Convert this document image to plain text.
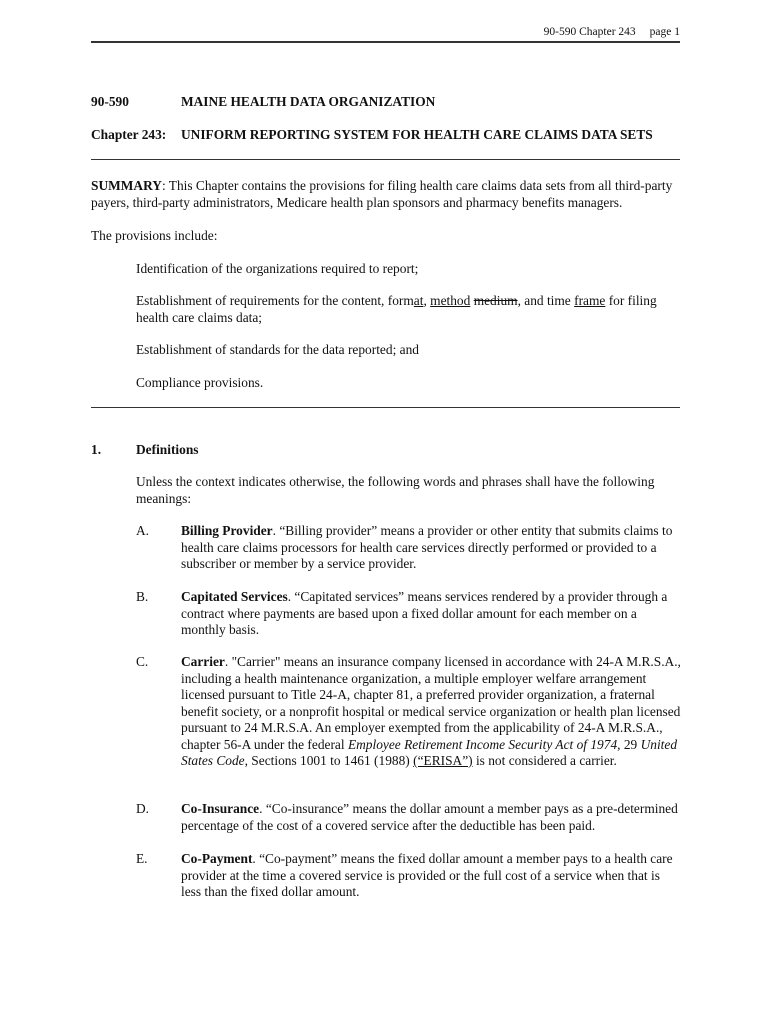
90-590 Chapter 243 page 1
90-590	MAINE HEALTH DATA ORGANIZATION
Chapter 243: UNIFORM REPORTING SYSTEM FOR HEALTH CARE CLAIMS DATA SETS
SUMMARY: This Chapter contains the provisions for filing health care claims data sets from all third-party payers, third-party administrators, Medicare health plan sponsors and pharmacy benefits managers.
The provisions include:
Identification of the organizations required to report;
Establishment of requirements for the content, format, method medium, and time frame for filing health care claims data;
Establishment of standards for the data reported; and
Compliance provisions.
1.	Definitions
Unless the context indicates otherwise, the following words and phrases shall have the following meanings:
A. Billing Provider. “Billing provider” means a provider or other entity that submits claims to health care claims processors for health care services directly performed or provided to a subscriber or member by a service provider.
B. Capitated Services. “Capitated services” means services rendered by a provider through a contract where payments are based upon a fixed dollar amount for each member on a monthly basis.
C. Carrier. "Carrier" means an insurance company licensed in accordance with 24-A M.R.S.A., including a health maintenance organization, a multiple employer welfare arrangement licensed pursuant to Title 24-A, chapter 81, a preferred provider organization, a fraternal benefit society, or a nonprofit hospital or medical service organization or health plan licensed pursuant to 24 M.R.S.A. An employer exempted from the applicability of 24-A M.R.S.A., chapter 56-A under the federal Employee Retirement Income Security Act of 1974, 29 United States Code, Sections 1001 to 1461 (1988) (“ERISA”) is not considered a carrier.
D. Co-Insurance. “Co-insurance” means the dollar amount a member pays as a pre-determined percentage of the cost of a covered service after the deductible has been paid.
E. Co-Payment. “Co-payment” means the fixed dollar amount a member pays to a health care provider at the time a covered service is provided or the full cost of a service when that is less than the fixed dollar amount.
